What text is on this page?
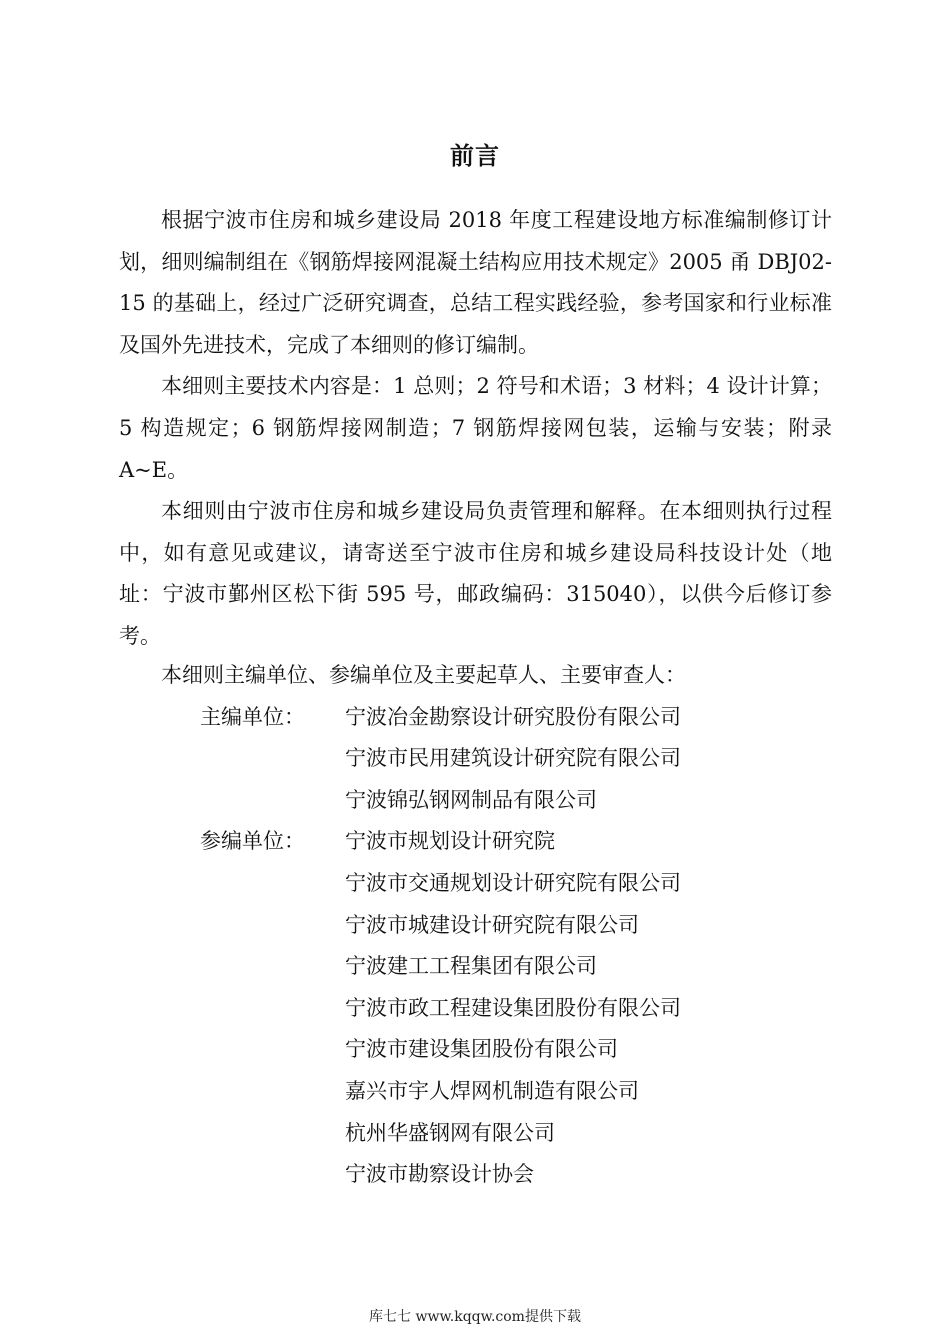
前言

根据宁波市住房和城乡建设局 2018 年度工程建设地方标准编制修订计划，细则编制组在《钢筋焊接网混凝土结构应用技术规定》2005 甬 DBJ02-15 的基础上，经过广泛研究调查，总结工程实践经验，参考国家和行业标准及国外先进技术，完成了本细则的修订编制。

本细则主要技术内容是：1 总则；2 符号和术语；3 材料；4 设计计算；5 构造规定；6 钢筋焊接网制造；7 钢筋焊接网包装，运输与安装；附录 A~E。

本细则由宁波市住房和城乡建设局负责管理和解释。在本细则执行过程中，如有意见或建议，请寄送至宁波市住房和城乡建设局科技设计处（地址：宁波市鄞州区松下街 595 号，邮政编码：315040），以供今后修订参考。

本细则主编单位、参编单位及主要起草人、主要审查人：

主编单位： 宁波冶金勘察设计研究股份有限公司
宁波市民用建筑设计研究院有限公司
宁波锦弘钢网制品有限公司
参编单位： 宁波市规划设计研究院
宁波市交通规划设计研究院有限公司
宁波市城建设计研究院有限公司
宁波建工工程集团有限公司
宁波市政工程建设集团股份有限公司
宁波市建设集团股份有限公司
嘉兴市宇人焊网机制造有限公司
杭州华盛钢网有限公司
宁波市勘察设计协会
库七七 www.kqqw.com提供下载
